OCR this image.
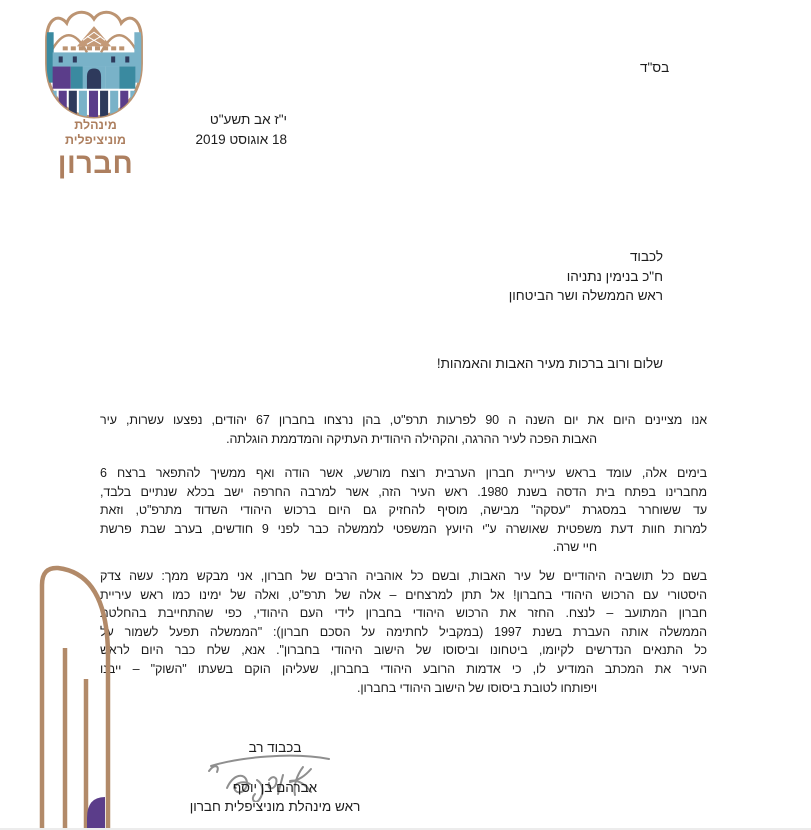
מינהלת
מוניציפלית
חברון
בס"ד
י"ז אב תשע"ט
18 אוגוסט 2019
לכבוד
ח"כ בנימין נתניהו
ראש הממשלה ושר הביטחון
שלום ורוב ברכות מעיר האבות והאמהות!
אנו מציינים היום את יום השנה ה 90 לפרעות תרפ"ט, בהן נרצחו בחברון 67 יהודים, נפצעו עשרות, עיר
האבות הפכה לעיר ההרגה, והקהילה היהודית העתיקה והמדממת הוגלתה.
בימים אלה, עומד בראש עיריית חברון הערבית רוצח מורשע, אשר הודה ואף ממשיך להתפאר ברצח 6
מחברינו בפתח בית הדסה בשנת 1980. ראש העיר הזה, אשר למרבה החרפה ישב בכלא שנתיים בלבד,
עד ששוחרר במסגרת "עסקה" מבישה, מוסיף להחזיק גם היום ברכוש היהודי השדוד מתרפ"ט, וזאת
למרות חוות דעת משפטית שאושרה ע"י היועץ המשפטי לממשלה כבר לפני 9 חודשים, בערב שבת פרשת
חיי שרה.
בשם כל תושביה היהודיים של עיר האבות, ובשם כל אוהביה הרבים של חברון, אני מבקש ממך: עשה צדק
היסטורי עם הרכוש היהודי בחברון! אל תתן למרצחים – אלה של תרפ"ט, ואלה של ימינו כמו ראש עיריית
חברון המתועב – לנצח. החזר את הרכוש היהודי בחברון לידי העם היהודי, כפי שהתחייבת בהחלטת
הממשלה אותה העברת בשנת 1997 (במקביל לחתימה על הסכם חברון): "הממשלה תפעל לשמור על
כל התנאים הנדרשים לקיומו, ביטחונו וביסוסו של הישוב היהודי בחברון". אנא, שלח כבר היום לראש
העיר את המכתב המודיע לו, כי אדמות הרובע היהודי בחברון, שעליהן הוקם בשעתו "השוק" – ייבנו
ויפותחו לטובת ביסוסו של הישוב היהודי בחברון.
בכבוד רב
אברהם בן יוסף
ראש מינהלת מוניציפלית חברון
